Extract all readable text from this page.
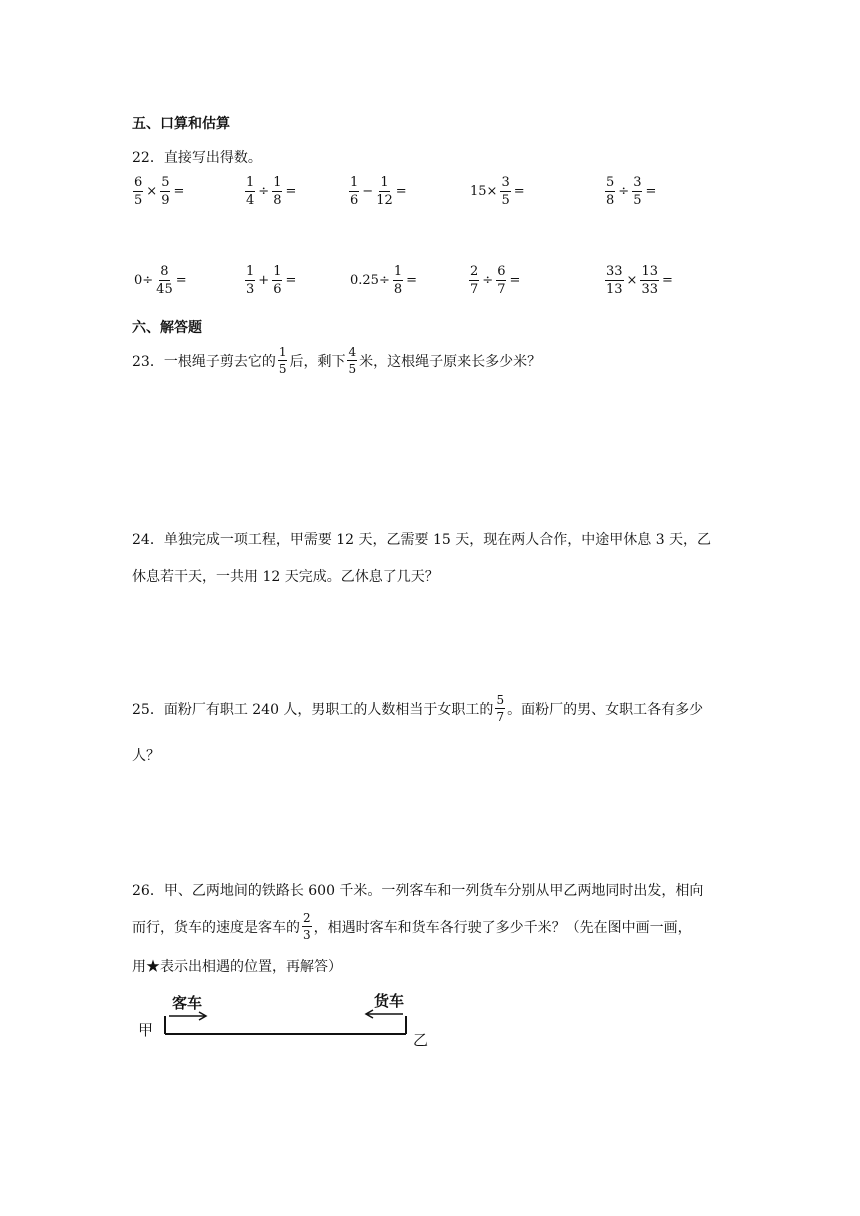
五、口算和估算
22．直接写出得数。
$\frac{6}{5} \times \frac{5}{9}$ =	$\frac{1}{4} \div \frac{1}{8}$ =	$\frac{1}{6} - \frac{1}{12}$ =	$15\times \frac{3}{5}$ =	$\frac{5}{8} \div \frac{3}{5}$ =
$0\div \frac{8}{45}$ =	$\frac{1}{3} + \frac{1}{6}$ =	$0.25\div \frac{1}{8}$ =	$\frac{2}{7} \div \frac{6}{7}$ =	$\frac{33}{13} \times \frac{13}{33}$ =
六、解答题
23．一根绳子剪去它的 $\frac{1}{5}$ 后，剩下 $\frac{4}{5}$ 米，这根绳子原来长多少米？
24．单独完成一项工程，甲需要 12 天，乙需要 15 天，现在两人合作，中途甲休息 3 天，乙
休息若干天，一共用 12 天完成。乙休息了几天？
25．面粉厂有职工 240 人，男职工的人数相当于女职工的 $\frac{5}{7}$ 。面粉厂的男、女职工各有多少
人？
26．甲、乙两地间的铁路长 600 千米。一列客车和一列货车分别从甲乙两地同时出发，相向
而行，货车的速度是客车的 $\frac{2}{3}$ ，相遇时客车和货车各行驶了多少千米？（先在图中画一画，
用★表示出相遇的位置，再解答）
甲
客车	货车
乙
